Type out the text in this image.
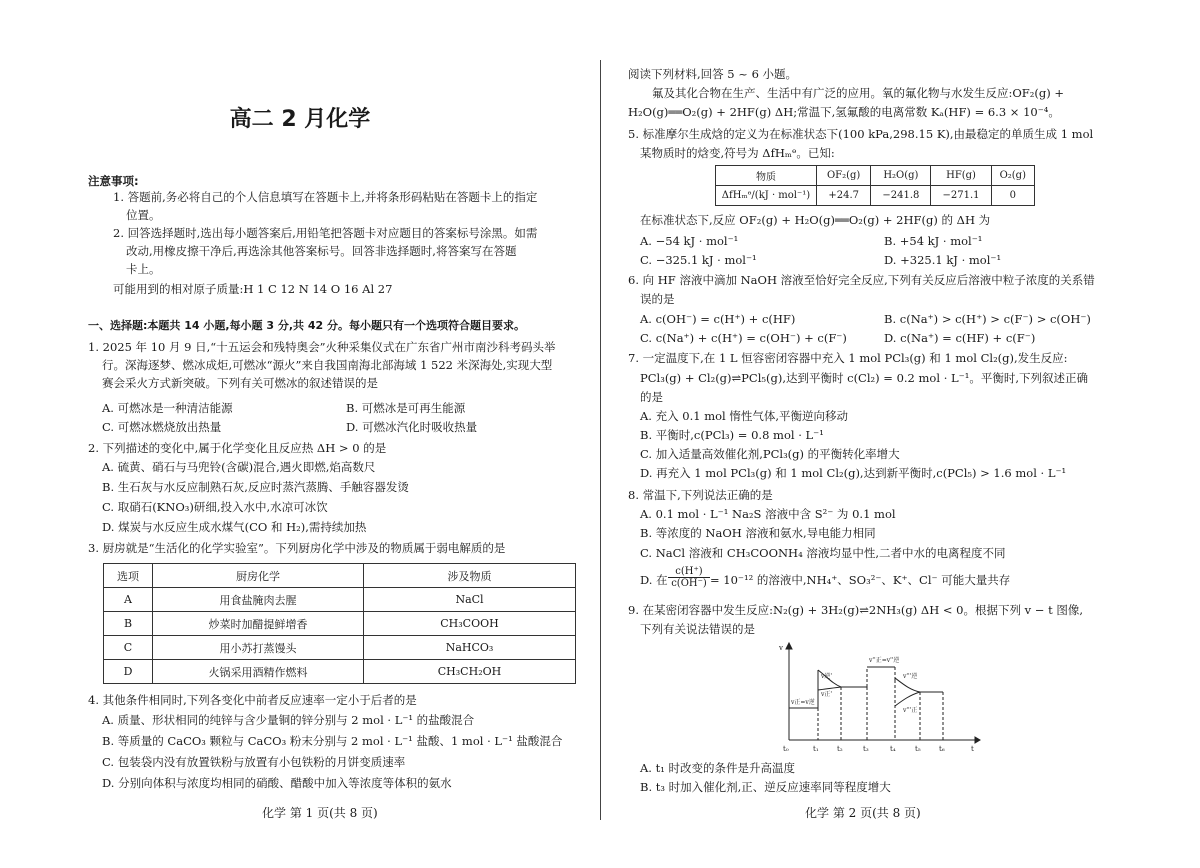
高二 2 月化学
注意事项:
1. 答题前,务必将自己的个人信息填写在答题卡上,并将条形码粘贴在答题卡上的指定
位置。
2. 回答选择题时,选出每小题答案后,用铅笔把答题卡对应题目的答案标号涂黑。如需
改动,用橡皮擦干净后,再选涂其他答案标号。回答非选择题时,将答案写在答题
卡上。
可能用到的相对原子质量:H 1 C 12 N 14 O 16 Al 27
一、选择题:本题共 14 小题,每小题 3 分,共 42 分。每小题只有一个选项符合题目要求。
1. 2025 年 10 月 9 日,“十五运会和残特奥会”火种采集仪式在广东省广州市南沙科考码头举
行。深海逐梦、燃冰成炬,可燃冰“源火”来自我国南海北部海域 1 522 米深海处,实现大型
赛会采火方式新突破。下列有关可燃冰的叙述错误的是
A. 可燃冰是一种清洁能源	B. 可燃冰是可再生能源
C. 可燃冰燃烧放出热量	D. 可燃冰汽化时吸收热量
2. 下列描述的变化中,属于化学变化且反应热 ΔH > 0 的是
A. 硫黄、硝石与马兜铃(含碳)混合,遇火即燃,焰高数尺
B. 生石灰与水反应制熟石灰,反应时蒸汽蒸腾、手触容器发烫
C. 取硝石(KNO₃)研细,投入水中,水凉可冰饮
D. 煤炭与水反应生成水煤气(CO 和 H₂),需持续加热
3. 厨房就是“生活化的化学实验室”。下列厨房化学中涉及的物质属于弱电解质的是
选项	厨房化学	涉及物质
A	用食盐腌肉去腥	NaCl
B	炒菜时加醋提鲜增香	CH₃COOH
C	用小苏打蒸馒头	NaHCO₃
D	火锅采用酒精作燃料	CH₃CH₂OH
4. 其他条件相同时,下列各变化中前者反应速率一定小于后者的是
A. 质量、形状相同的纯锌与含少量铜的锌分别与 2 mol · L⁻¹ 的盐酸混合
B. 等质量的 CaCO₃ 颗粒与 CaCO₃ 粉末分别与 2 mol · L⁻¹ 盐酸、1 mol · L⁻¹ 盐酸混合
C. 包装袋内没有放置铁粉与放置有小包铁粉的月饼变质速率
D. 分别向体积与浓度均相同的硝酸、醋酸中加入等浓度等体积的氨水
化学 第 1 页(共 8 页)
阅读下列材料,回答 5 ~ 6 小题。
氟及其化合物在生产、生活中有广泛的应用。氧的氟化物与水发生反应:OF₂(g) +
H₂O(g)══O₂(g) + 2HF(g) ΔH;常温下,氢氟酸的电离常数 Kₐ(HF) = 6.3 × 10⁻⁴。
5. 标准摩尔生成焓的定义为在标准状态下(100 kPa,298.15 K),由最稳定的单质生成 1 mol
某物质时的焓变,符号为 ΔfHₘᶱ。已知:
物质	OF₂(g)	H₂O(g)	HF(g)	O₂(g)
ΔfHₘᶱ/(kJ · mol⁻¹)	+24.7	−241.8	−271.1	0
在标准状态下,反应 OF₂(g) + H₂O(g)══O₂(g) + 2HF(g) 的 ΔH 为
A. −54 kJ · mol⁻¹	B. +54 kJ · mol⁻¹
C. −325.1 kJ · mol⁻¹	D. +325.1 kJ · mol⁻¹
6. 向 HF 溶液中滴加 NaOH 溶液至恰好完全反应,下列有关反应后溶液中粒子浓度的关系错
误的是
A. c(OH⁻) = c(H⁺) + c(HF)	B. c(Na⁺) > c(H⁺) > c(F⁻) > c(OH⁻)
C. c(Na⁺) + c(H⁺) = c(OH⁻) + c(F⁻)	D. c(Na⁺) = c(HF) + c(F⁻)
7. 一定温度下,在 1 L 恒容密闭容器中充入 1 mol PCl₃(g) 和 1 mol Cl₂(g),发生反应:
PCl₃(g) + Cl₂(g)⇌PCl₅(g),达到平衡时 c(Cl₂) = 0.2 mol · L⁻¹。平衡时,下列叙述正确
的是
A. 充入 0.1 mol 惰性气体,平衡逆向移动
B. 平衡时,c(PCl₃) = 0.8 mol · L⁻¹
C. 加入适量高效催化剂,PCl₃(g) 的平衡转化率增大
D. 再充入 1 mol PCl₃(g) 和 1 mol Cl₂(g),达到新平衡时,c(PCl₅) > 1.6 mol · L⁻¹
8. 常温下,下列说法正确的是
A. 0.1 mol · L⁻¹ Na₂S 溶液中含 S²⁻ 为 0.1 mol
B. 等浓度的 NaOH 溶液和氨水,导电能力相同
C. NaCl 溶液和 CH₃COONH₄ 溶液均显中性,二者中水的电离程度不同
D. 在 $\frac{c(H^+)}{c(OH^-)} = 10^{-12}$ 的溶液中,NH₄⁺、SO₃²⁻、K⁺、Cl⁻ 可能大量共存
9. 在某密闭容器中发生反应:N₂(g) + 3H₂(g)⇌2NH₃(g) ΔH < 0。根据下列 v − t 图像,
下列有关说法错误的是
v
t
t₀	t₁	t₂	t₃	t₄	t₅	t₆
v正=v逆
v逆'
v正'
v''正=v''逆
v'''逆
v'''正
A. t₁ 时改变的条件是升高温度
B. t₃ 时加入催化剂,正、逆反应速率同等程度增大
化学 第 2 页(共 8 页)
